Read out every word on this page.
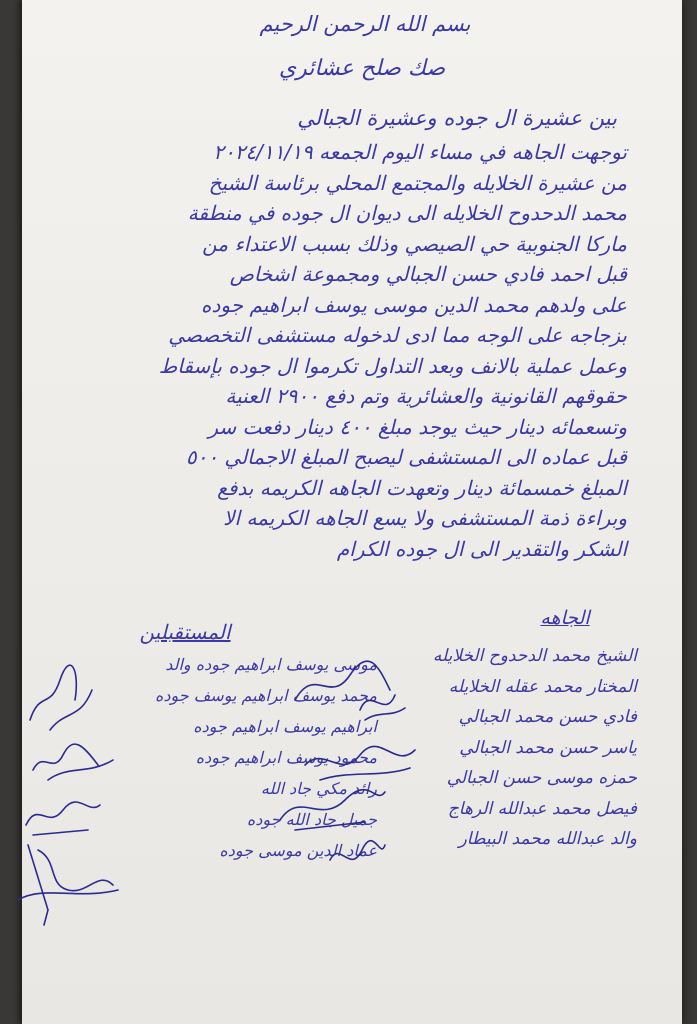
بسم الله الرحمن الرحيم
صك صلح عشائري
بين عشيرة ال جوده وعشيرة الجبالي
توجهت الجاهه في مساء اليوم الجمعه ٢٠٢٤/١١/١٩
من عشيرة الخلايله والمجتمع المحلي برئاسة الشيخ
محمد الدحدوح الخلايله الى ديوان ال جوده في منطقة
ماركا الجنوبية حي الصيصي وذلك بسبب الاعتداء من
قبل احمد فادي حسن الجبالي ومجموعة اشخاص
على ولدهم محمد الدين موسى يوسف ابراهيم جوده
بزجاجه على الوجه مما ادى لدخوله مستشفى التخصصي
وعمل عملية بالانف وبعد التداول تكرموا ال جوده بإسقاط
حقوقهم القانونية والعشائرية وتم دفع ٢٩٠٠ العنية
وتسعمائه دينار حيث يوجد مبلغ ٤٠٠ دينار دفعت سر
قبل عماده الى المستشفى ليصبح المبلغ الاجمالي ٥٠٠
المبلغ خمسمائة دينار وتعهدت الجاهه الكريمه بدفع
وبراءة ذمة المستشفى ولا يسع الجاهه الكريمه الا
الشكر والتقدير الى ال جوده الكرام
المستقبلين
الجاهه
الشيخ محمد الدحدوح الخلايله
المختار محمد عقله الخلايله
فادي حسن محمد الجبالي
ياسر حسن محمد الجبالي
حمزه موسى حسن الجبالي
فيصل محمد عبدالله الرهاج
والد عبدالله محمد البيطار
موسى يوسف ابراهيم جوده والد
محمد يوسف ابراهيم يوسف جوده
ابراهيم يوسف ابراهيم جوده
محمود يوسف ابراهيم جوده
رائد مكي جاد الله
جميل جاد الله جوده
عماد الدين موسى جوده
